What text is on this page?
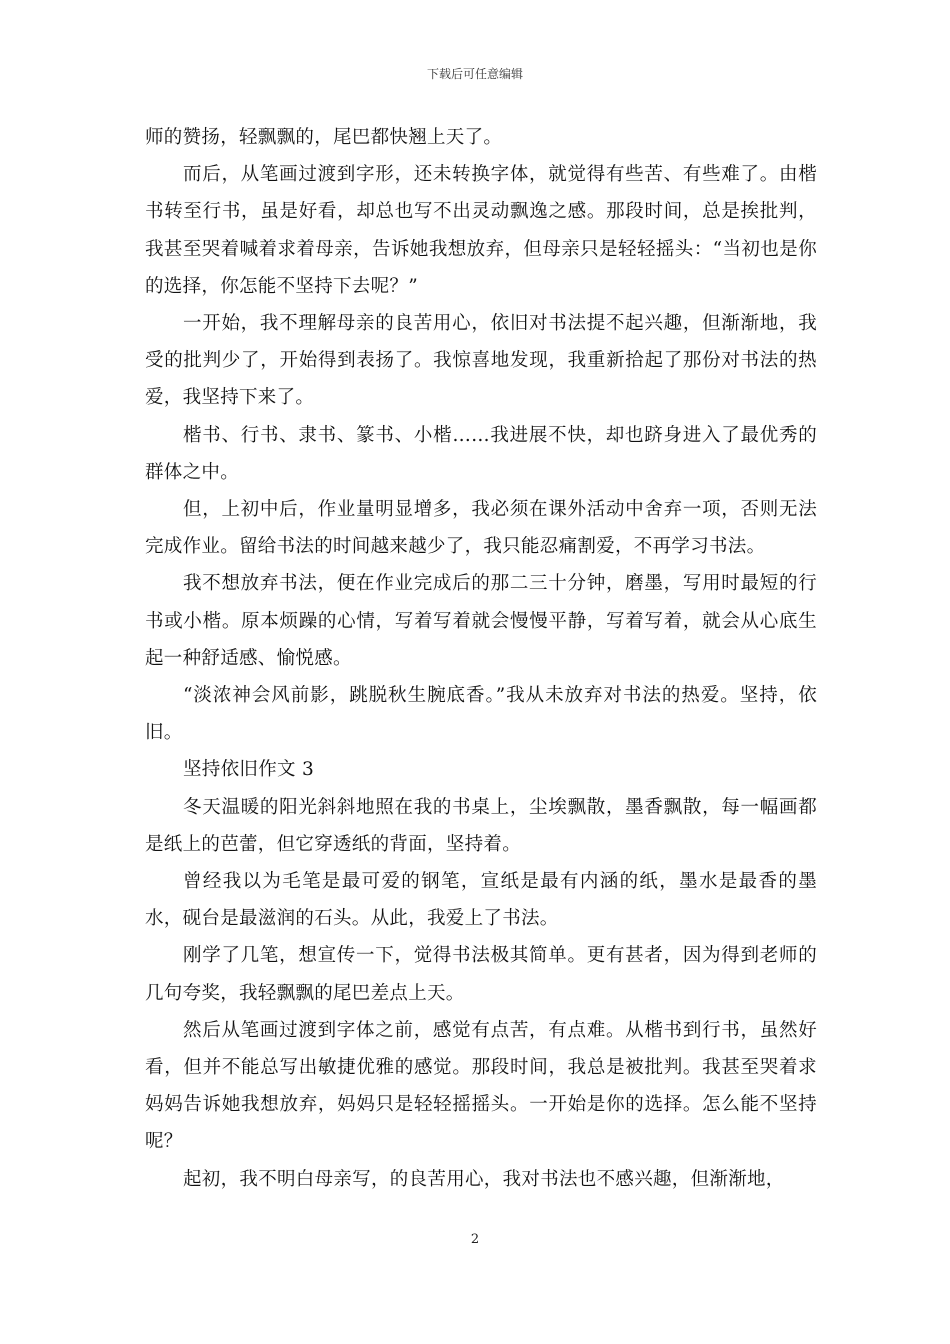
下载后可任意编辑

师的赞扬，轻飘飘的，尾巴都快翘上天了。

而后，从笔画过渡到字形，还未转换字体，就觉得有些苦、有些难了。由楷书转至行书，虽是好看，却总也写不出灵动飘逸之感。那段时间，总是挨批判，我甚至哭着喊着求着母亲，告诉她我想放弃，但母亲只是轻轻摇头：“当初也是你的选择，你怎能不坚持下去呢？”

一开始，我不理解母亲的良苦用心，依旧对书法提不起兴趣，但渐渐地，我受的批判少了，开始得到表扬了。我惊喜地发现，我重新拾起了那份对书法的热爱，我坚持下来了。

楷书、行书、隶书、篆书、小楷……我进展不快，却也跻身进入了最优秀的群体之中。

但，上初中后，作业量明显增多，我必须在课外活动中舍弃一项，否则无法完成作业。留给书法的时间越来越少了，我只能忍痛割爱，不再学习书法。

我不想放弃书法，便在作业完成后的那二三十分钟，磨墨，写用时最短的行书或小楷。原本烦躁的心情，写着写着就会慢慢平静，写着写着，就会从心底生起一种舒适感、愉悦感。

“淡浓神会风前影，跳脱秋生腕底香。”我从未放弃对书法的热爱。坚持，依旧。

坚持依旧作文 3

冬天温暖的阳光斜斜地照在我的书桌上，尘埃飘散，墨香飘散，每一幅画都是纸上的芭蕾，但它穿透纸的背面，坚持着。

曾经我以为毛笔是最可爱的钢笔，宣纸是最有内涵的纸，墨水是最香的墨水，砚台是最滋润的石头。从此，我爱上了书法。

刚学了几笔，想宣传一下，觉得书法极其简单。更有甚者，因为得到老师的几句夸奖，我轻飘飘的尾巴差点上天。

然后从笔画过渡到字体之前，感觉有点苦，有点难。从楷书到行书，虽然好看，但并不能总写出敏捷优雅的感觉。那段时间，我总是被批判。我甚至哭着求妈妈告诉她我想放弃，妈妈只是轻轻摇摇头。一开始是你的选择。怎么能不坚持呢？

起初，我不明白母亲写，的良苦用心，我对书法也不感兴趣，但渐渐地，

2
